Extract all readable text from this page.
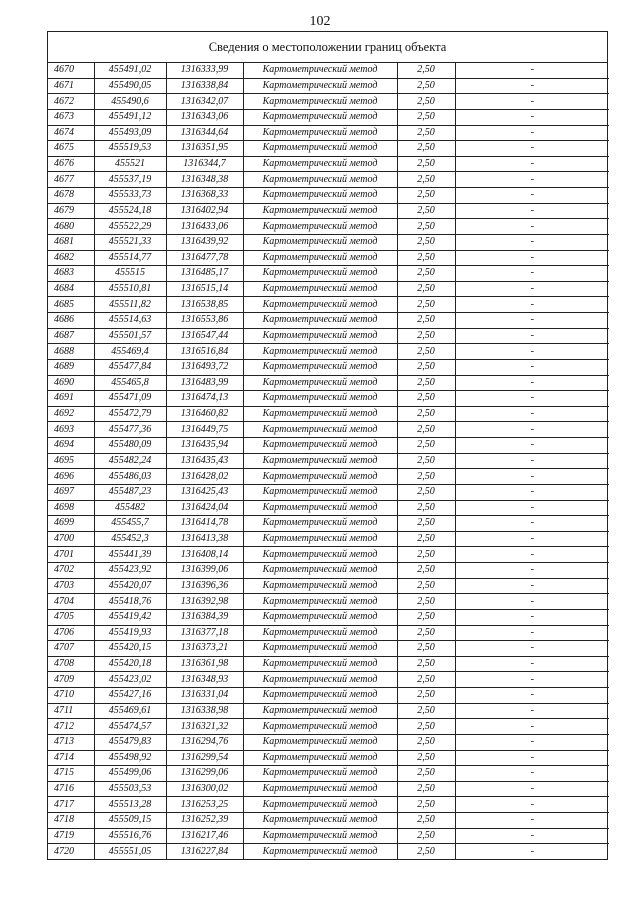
102
Сведения о местоположении границ объекта
4670	455491,02	1316333,99	Картометрический метод	2,50	-
4671	455490,05	1316338,84	Картометрический метод	2,50	-
4672	455490,6	1316342,07	Картометрический метод	2,50	-
4673	455491,12	1316343,06	Картометрический метод	2,50	-
4674	455493,09	1316344,64	Картометрический метод	2,50	-
4675	455519,53	1316351,95	Картометрический метод	2,50	-
4676	455521	1316344,7	Картометрический метод	2,50	-
4677	455537,19	1316348,38	Картометрический метод	2,50	-
4678	455533,73	1316368,33	Картометрический метод	2,50	-
4679	455524,18	1316402,94	Картометрический метод	2,50	-
4680	455522,29	1316433,06	Картометрический метод	2,50	-
4681	455521,33	1316439,92	Картометрический метод	2,50	-
4682	455514,77	1316477,78	Картометрический метод	2,50	-
4683	455515	1316485,17	Картометрический метод	2,50	-
4684	455510,81	1316515,14	Картометрический метод	2,50	-
4685	455511,82	1316538,85	Картометрический метод	2,50	-
4686	455514,63	1316553,86	Картометрический метод	2,50	-
4687	455501,57	1316547,44	Картометрический метод	2,50	-
4688	455469,4	1316516,84	Картометрический метод	2,50	-
4689	455477,84	1316493,72	Картометрический метод	2,50	-
4690	455465,8	1316483,99	Картометрический метод	2,50	-
4691	455471,09	1316474,13	Картометрический метод	2,50	-
4692	455472,79	1316460,82	Картометрический метод	2,50	-
4693	455477,36	1316449,75	Картометрический метод	2,50	-
4694	455480,09	1316435,94	Картометрический метод	2,50	-
4695	455482,24	1316435,43	Картометрический метод	2,50	-
4696	455486,03	1316428,02	Картометрический метод	2,50	-
4697	455487,23	1316425,43	Картометрический метод	2,50	-
4698	455482	1316424,04	Картометрический метод	2,50	-
4699	455455,7	1316414,78	Картометрический метод	2,50	-
4700	455452,3	1316413,38	Картометрический метод	2,50	-
4701	455441,39	1316408,14	Картометрический метод	2,50	-
4702	455423,92	1316399,06	Картометрический метод	2,50	-
4703	455420,07	1316396,36	Картометрический метод	2,50	-
4704	455418,76	1316392,98	Картометрический метод	2,50	-
4705	455419,42	1316384,39	Картометрический метод	2,50	-
4706	455419,93	1316377,18	Картометрический метод	2,50	-
4707	455420,15	1316373,21	Картометрический метод	2,50	-
4708	455420,18	1316361,98	Картометрический метод	2,50	-
4709	455423,02	1316348,93	Картометрический метод	2,50	-
4710	455427,16	1316331,04	Картометрический метод	2,50	-
4711	455469,61	1316338,98	Картометрический метод	2,50	-
4712	455474,57	1316321,32	Картометрический метод	2,50	-
4713	455479,83	1316294,76	Картометрический метод	2,50	-
4714	455498,92	1316299,54	Картометрический метод	2,50	-
4715	455499,06	1316299,06	Картометрический метод	2,50	-
4716	455503,53	1316300,02	Картометрический метод	2,50	-
4717	455513,28	1316253,25	Картометрический метод	2,50	-
4718	455509,15	1316252,39	Картометрический метод	2,50	-
4719	455516,76	1316217,46	Картометрический метод	2,50	-
4720	455551,05	1316227,84	Картометрический метод	2,50	-
